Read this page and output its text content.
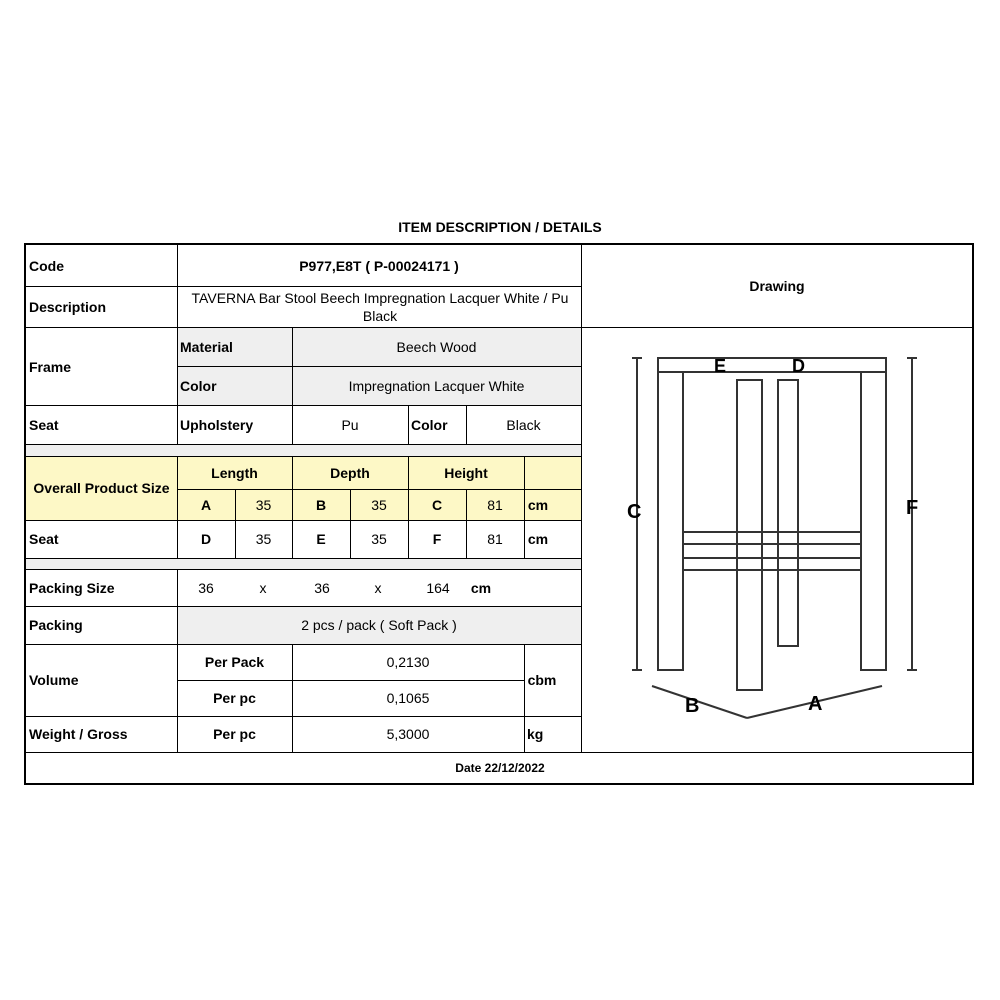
ITEM DESCRIPTION / DETAILS
Code	P977,E8T ( P-00024171 )
Description
TAVERNA Bar Stool Beech Impregnation Lacquer White / Pu Black
Drawing
Frame
Material	Beech Wood
Color	Impregnation Lacquer White
Seat	Upholstery	Pu	Color	Black
Overall Product Size
Length	Depth	Height
A	35	B	35	C	81	cm
Seat	D	35	E	35	F	81	cm
Packing Size	36	x	36	x	164	cm
Packing	2 pcs / pack ( Soft Pack )
Volume
Per Pack	0,2130
Per pc	0,1065
cbm
Weight / Gross	Per pc	5,3000	kg
Date 22/12/2022
C	F
E	D
B	A
